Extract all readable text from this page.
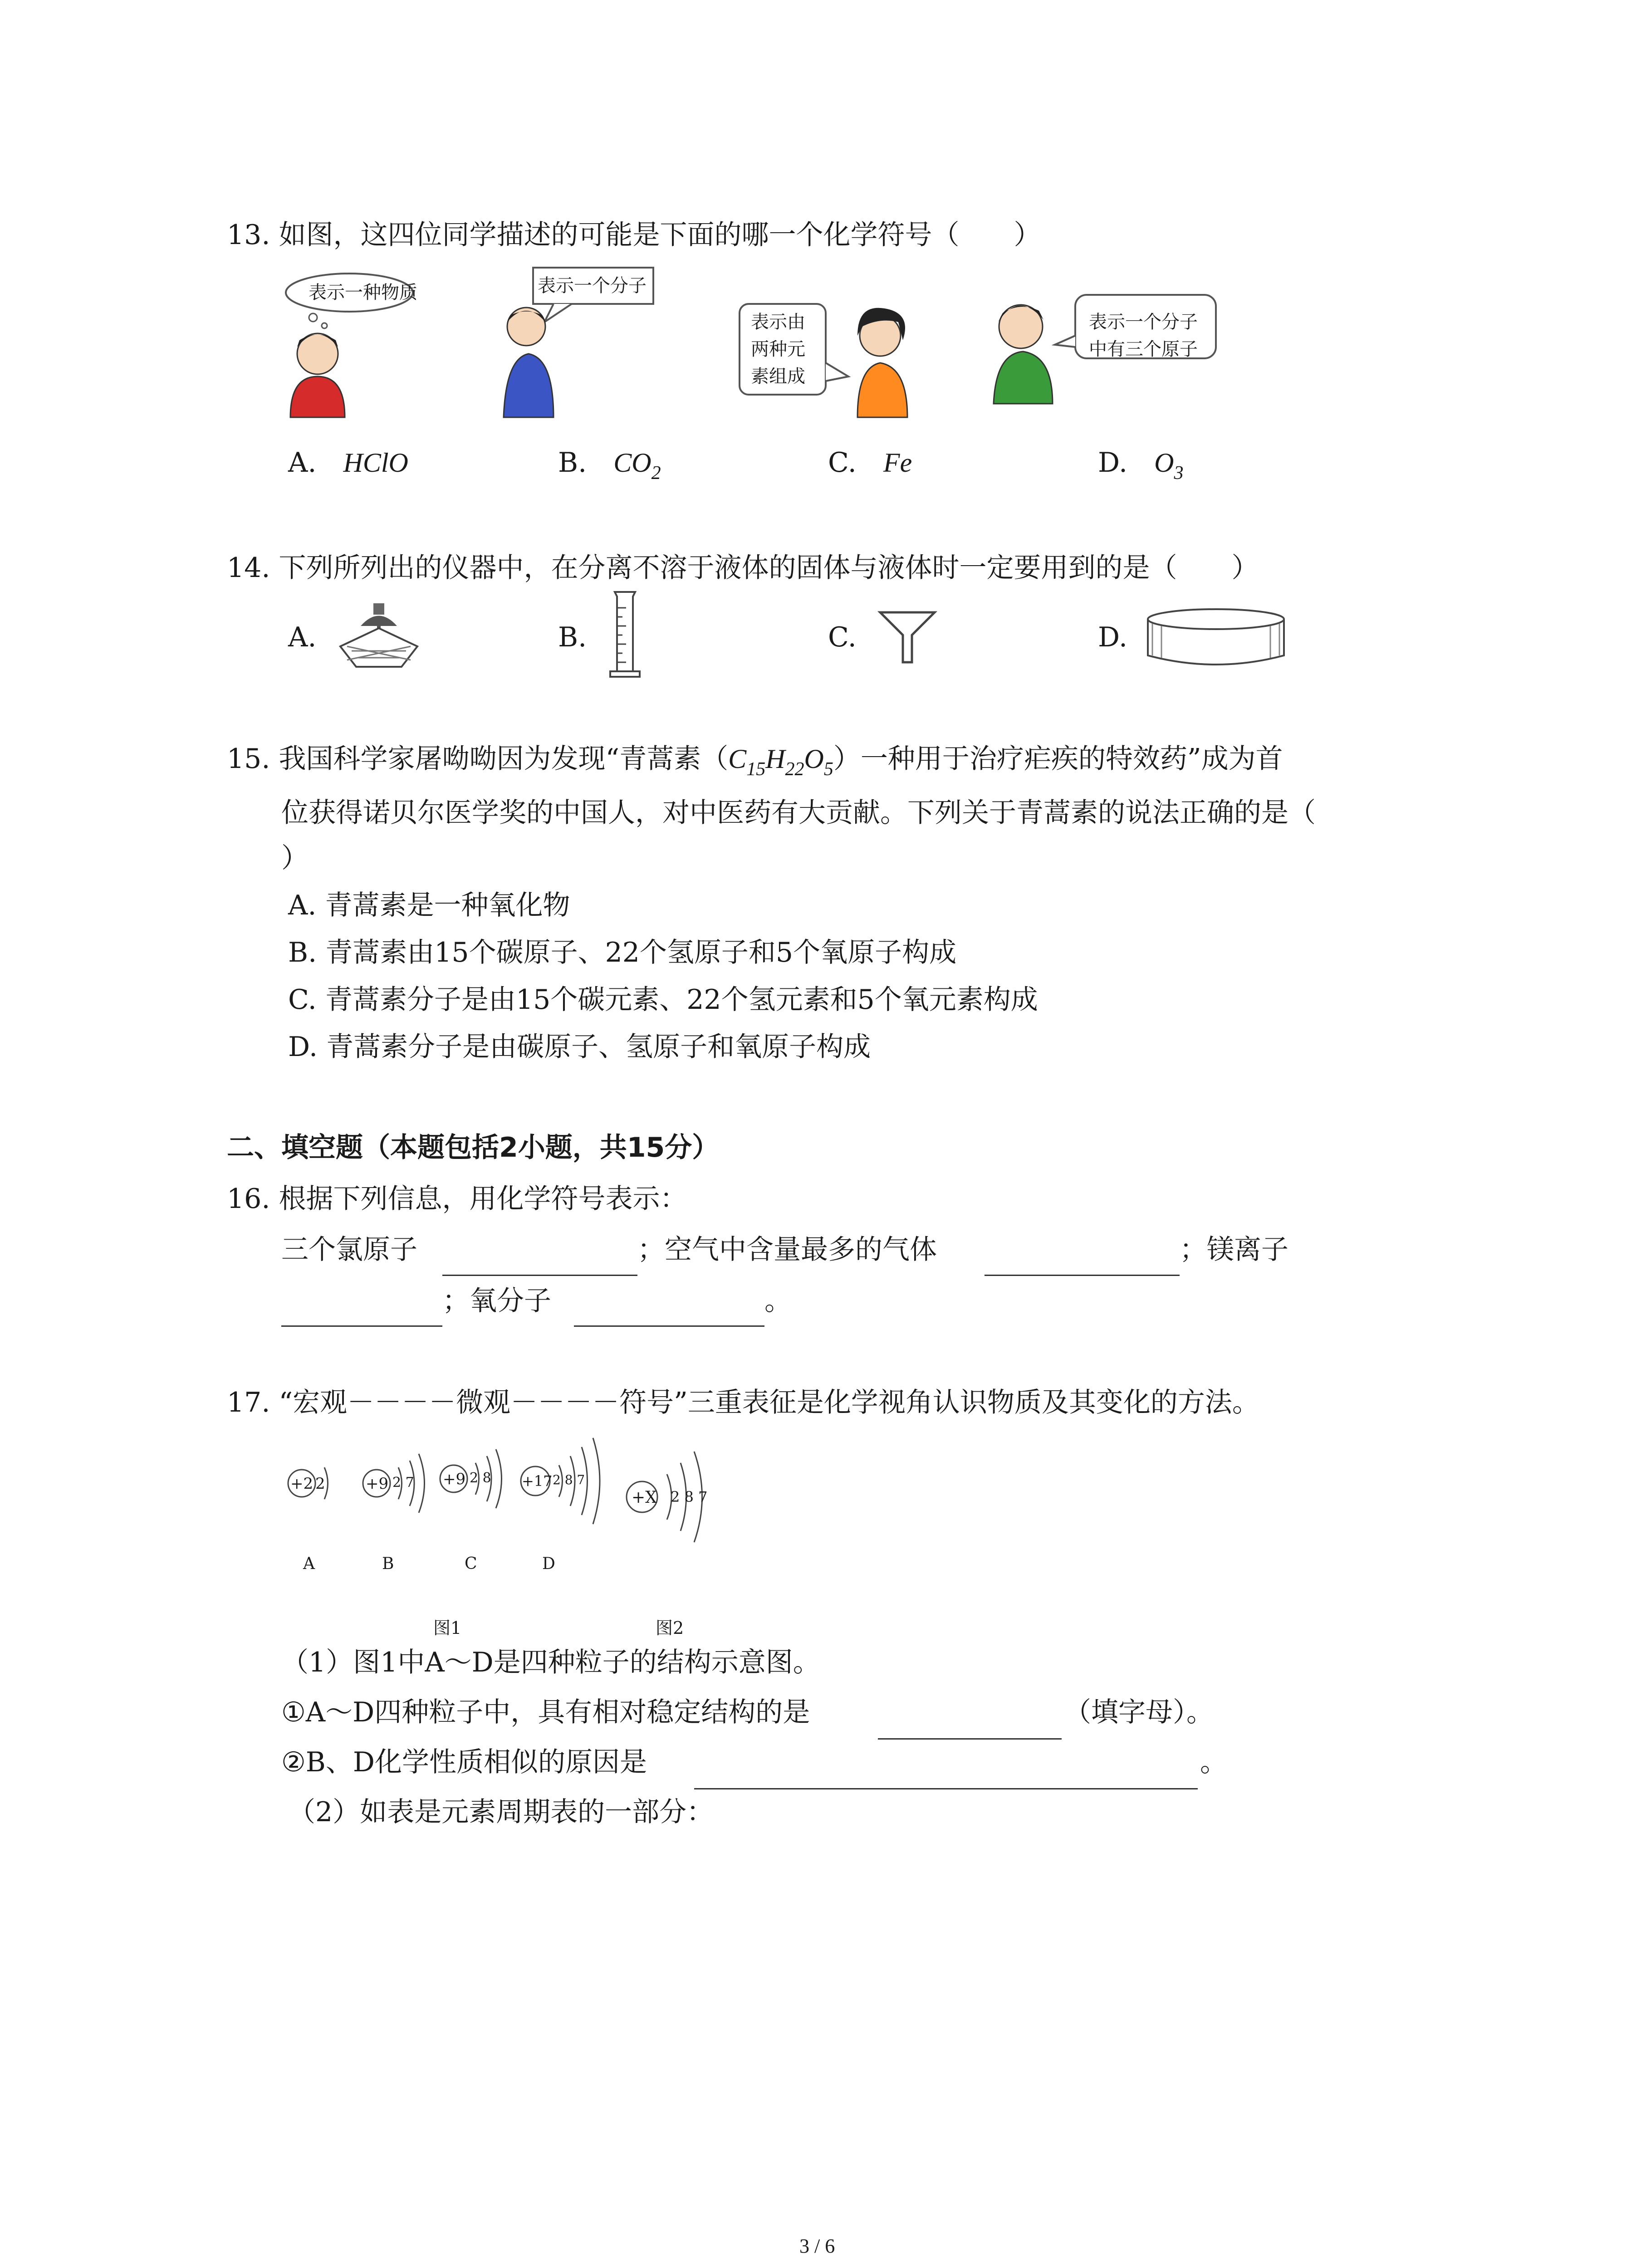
13. 如图，这四位同学描述的可能是下面的哪一个化学符号（　　）
表示一种物质	表示一个分子
表示由
两种元
素组成
表示一个分子
中有三个原子
A. HClO	B. $CO_2$	C. Fe	D. $O_3$
14. 下列所列出的仪器中，在分离不溶于液体的固体与液体时一定要用到的是（　　）
A.	B.	C.	D.
15. 我国科学家屠呦呦因为发现“青蒿素$(C_{15}H_{22}O_5)$一种用于治疗疟疾的特效药”成为首
位获得诺贝尔医学奖的中国人，对中医药有大贡献。下列关于青蒿素的说法正确的是（
）
A. 青蒿素是一种氧化物
B. 青蒿素由15个碳原子、22个氢原子和5个氧原子构成
C. 青蒿素分子是由15个碳元素、22个氢元素和5个氧元素构成
D. 青蒿素分子是由碳原子、氢原子和氧原子构成
二、填空题（本题包括2小题，共15分）
16. 根据下列信息，用化学符号表示：
三个氯原子	；空气中含量最多的气体	；镁离子
；氧分子	。
17. “宏观－－－－微观－－－－符号”三重表征是化学视角认识物质及其变化的方法。
+2 2	+9 2 7 +9 2 8 +17 2 8 7
+X 2 8 7
A	B	C	D
图1	图2
（1）图1中A～D是四种粒子的结构示意图。
①A～D四种粒子中，具有相对稳定结构的是	（填字母）。
②B、D化学性质相似的原因是	。
（2）如表是元素周期表的一部分：
3 / 6
